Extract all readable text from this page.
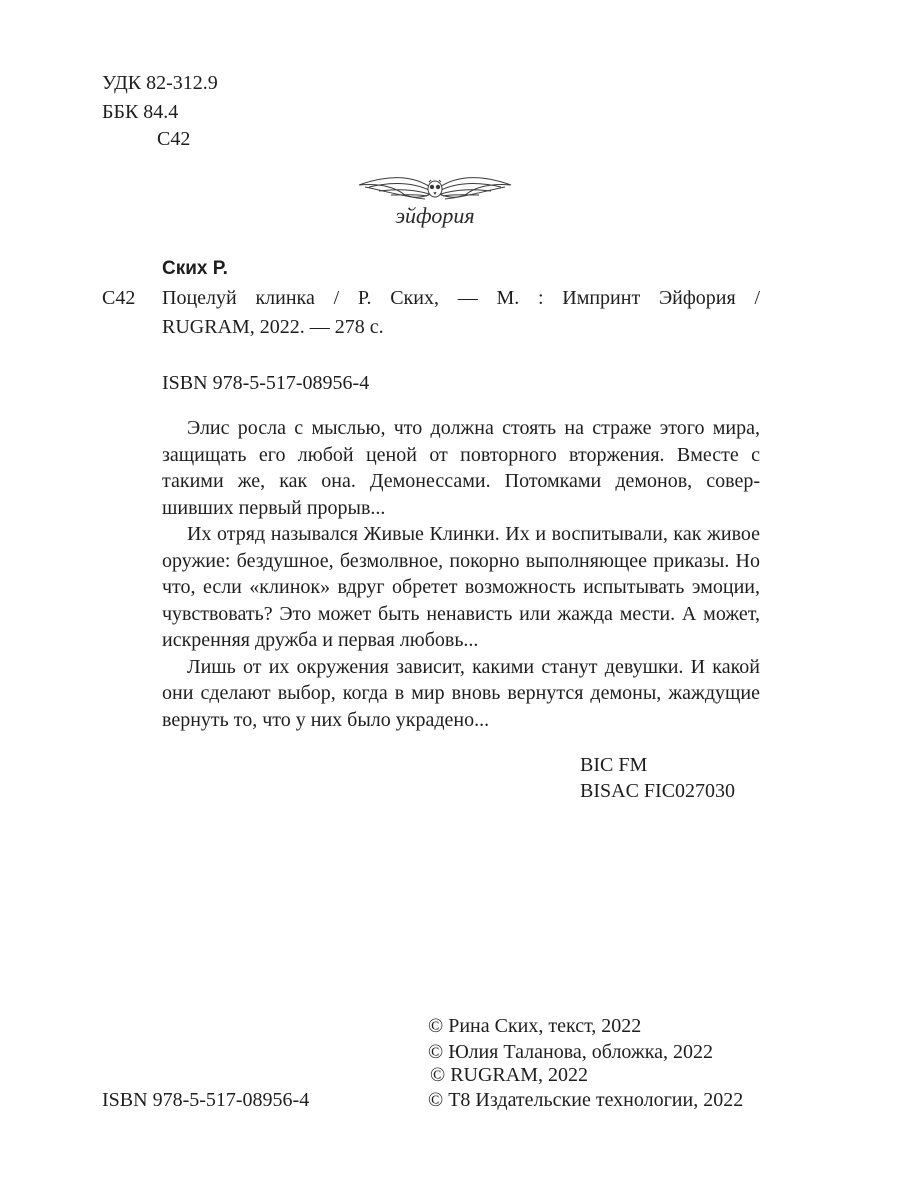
УДК 82-312.9
ББК 84.4
С42
эйфория
Ских Р.
С42 Поцелуй клинка / Р. Ских, — М. : Импринт Эйфория /
RUGRAM, 2022. — 278 с.
ISBN 978-5-517-08956-4

Элис росла с мыслью, что должна стоять на страже этого мира, защищать его любой ценой от повторного вторжения. Вместе с такими же, как она. Демонессами. Потомками демонов, совершивших первый прорыв...

Их отряд назывался Живые Клинки. Их и воспитывали, как живое оружие: бездушное, безмолвное, покорно выполняющее приказы. Но что, если «клинок» вдруг обретет возможность испытывать эмоции, чувствовать? Это может быть ненависть или жажда мести. А может, искренняя дружба и первая любовь...

Лишь от их окружения зависит, какими станут девушки. И какой они сделают выбор, когда в мир вновь вернутся демоны, жаждущие вернуть то, что у них было украдено...

BIC FM
BISAC FIC027030
© Рина Ских, текст, 2022
© Юлия Таланова, обложка, 2022
© RUGRAM, 2022
ISBN 978-5-517-08956-4	© Т8 Издательские технологии, 2022
